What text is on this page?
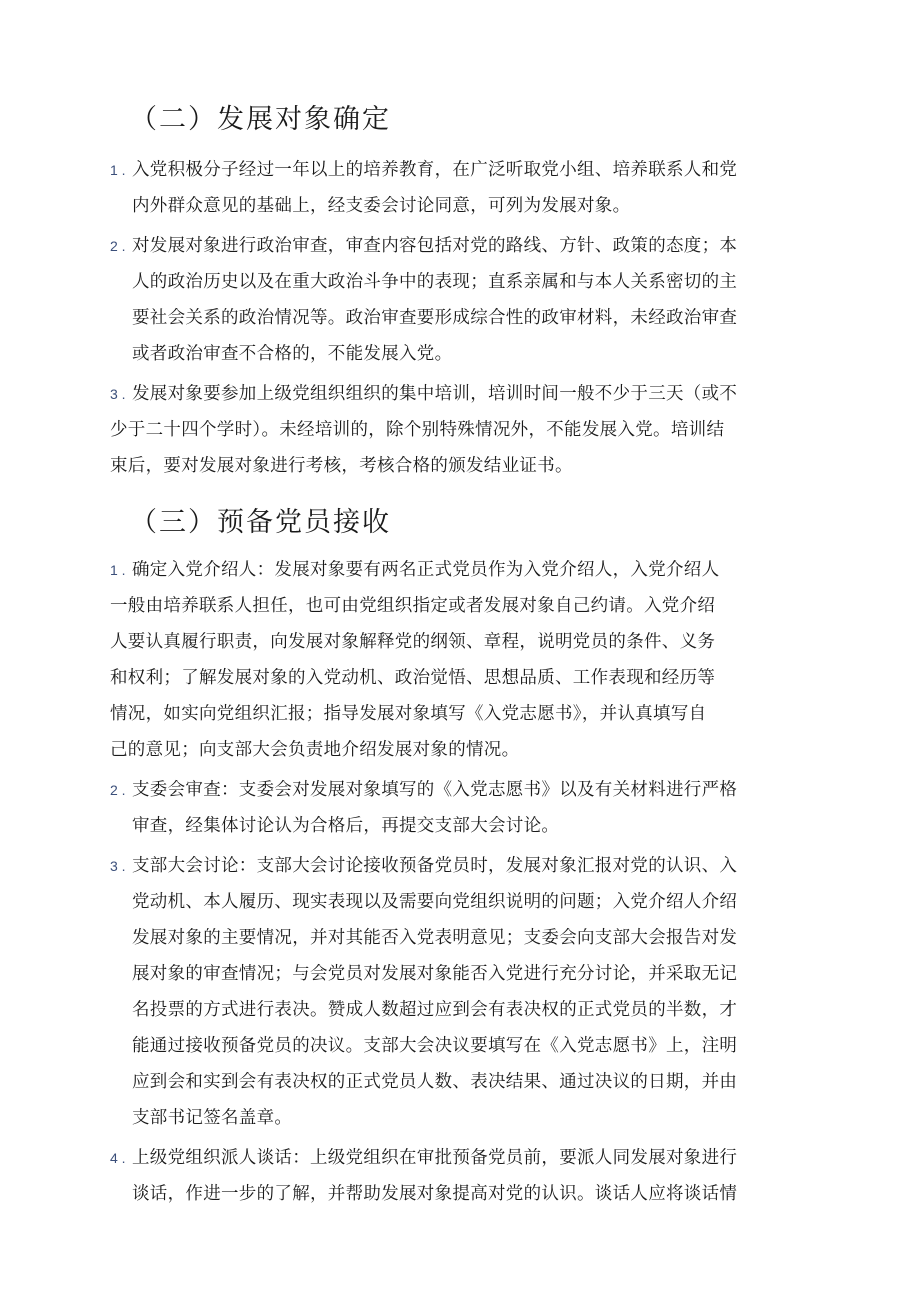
（二）发展对象确定
1 . 入党积极分子经过一年以上的培养教育，在广泛听取党小组、培养联系人和党
内外群众意见的基础上，经支委会讨论同意，可列为发展对象。
2 . 对发展对象进行政治审查，审查内容包括对党的路线、方针、政策的态度；本
人的政治历史以及在重大政治斗争中的表现；直系亲属和与本人关系密切的主
要社会关系的政治情况等。政治审查要形成综合性的政审材料，未经政治审查
或者政治审查不合格的，不能发展入党。
3 . 发展对象要参加上级党组织组织的集中培训，培训时间一般不少于三天（或不
少于二十四个学时）。未经培训的，除个别特殊情况外，不能发展入党。培训结
束后，要对发展对象进行考核，考核合格的颁发结业证书。
（三）预备党员接收
1 . 确定入党介绍人：发展对象要有两名正式党员作为入党介绍人，入党介绍人
一般由培养联系人担任，也可由党组织指定或者发展对象自己约请。入党介绍
人要认真履行职责，向发展对象解释党的纲领、章程，说明党员的条件、义务
和权利；了解发展对象的入党动机、政治觉悟、思想品质、工作表现和经历等
情况，如实向党组织汇报；指导发展对象填写《入党志愿书》，并认真填写自
己的意见；向支部大会负责地介绍发展对象的情况。
2 . 支委会审查：支委会对发展对象填写的《入党志愿书》以及有关材料进行严格
审查，经集体讨论认为合格后，再提交支部大会讨论。
3 . 支部大会讨论：支部大会讨论接收预备党员时，发展对象汇报对党的认识、入
党动机、本人履历、现实表现以及需要向党组织说明的问题；入党介绍人介绍
发展对象的主要情况，并对其能否入党表明意见；支委会向支部大会报告对发
展对象的审查情况；与会党员对发展对象能否入党进行充分讨论，并采取无记
名投票的方式进行表决。赞成人数超过应到会有表决权的正式党员的半数，才
能通过接收预备党员的决议。支部大会决议要填写在《入党志愿书》上，注明
应到会和实到会有表决权的正式党员人数、表决结果、通过决议的日期，并由
支部书记签名盖章。
4 . 上级党组织派人谈话：上级党组织在审批预备党员前，要派人同发展对象进行
谈话，作进一步的了解，并帮助发展对象提高对党的认识。谈话人应将谈话情
